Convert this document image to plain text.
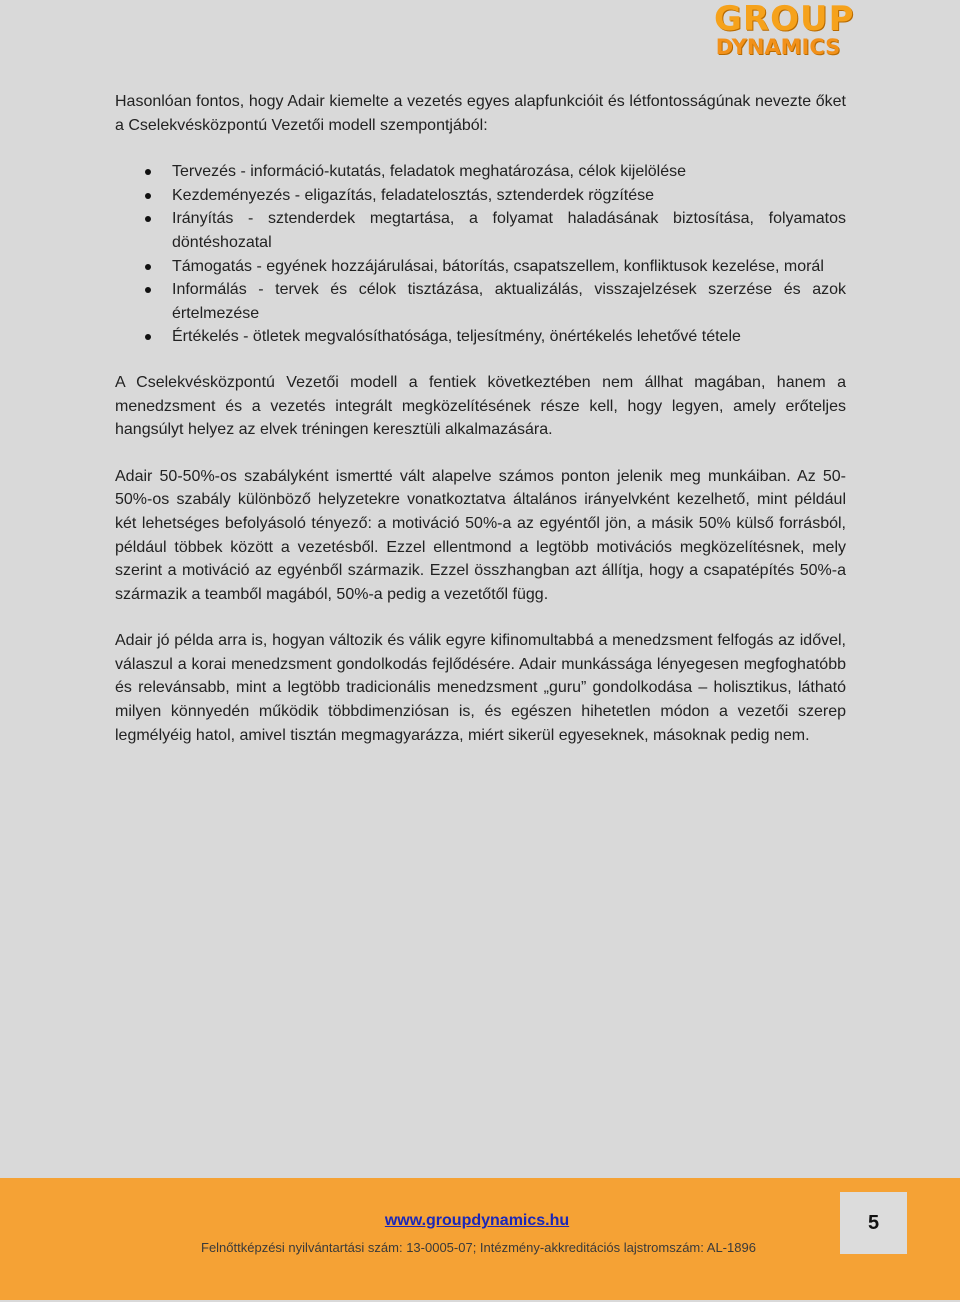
GROUP
DYNAMICS

Hasonlóan fontos, hogy Adair kiemelte a vezetés egyes alapfunkcióit és létfontosságúnak nevezte őket a Cselekvésközpontú Vezetői modell szempontjából:

Tervezés - információ-kutatás, feladatok meghatározása, célok kijelölése
Kezdeményezés - eligazítás, feladatelosztás, sztenderdek rögzítése
Irányítás - sztenderdek megtartása, a folyamat haladásának biztosítása, folyamatos döntéshozatal
Támogatás - egyének hozzájárulásai, bátorítás, csapatszellem, konfliktusok kezelése, morál
Informálás - tervek és célok tisztázása, aktualizálás, visszajelzések szerzése és azok értelmezése
Értékelés - ötletek megvalósíthatósága, teljesítmény, önértékelés lehetővé tétele

A Cselekvésközpontú Vezetői modell a fentiek következtében nem állhat magában, hanem a menedzsment és a vezetés integrált megközelítésének része kell, hogy legyen, amely erőteljes hangsúlyt helyez az elvek tréningen keresztüli alkalmazására.

Adair 50-50%-os szabályként ismertté vált alapelve számos ponton jelenik meg munkáiban. Az 50-50%-os szabály különböző helyzetekre vonatkoztatva általános irányelvként kezelhető, mint például két lehetséges befolyásoló tényező: a motiváció 50%-a az egyéntől jön, a másik 50% külső forrásból, például többek között a vezetésből. Ezzel ellentmond a legtöbb motivációs megközelítésnek, mely szerint a motiváció az egyénből származik. Ezzel összhangban azt állítja, hogy a csapatépítés 50%-a származik a teamből magából, 50%-a pedig a vezetőtől függ.

Adair jó példa arra is, hogyan változik és válik egyre kifinomultabbá a menedzsment felfogás az idővel, válaszul a korai menedzsment gondolkodás fejlődésére. Adair munkássága lényegesen megfoghatóbb és relevánsabb, mint a legtöbb tradicionális menedzsment „guru” gondolkodása – holisztikus, látható milyen könnyedén működik többdimenziósan is, és egészen hihetetlen módon a vezetői szerep legmélyéig hatol, amivel tisztán megmagyarázza, miért sikerül egyeseknek, másoknak pedig nem.

www.groupdynamics.hu
Felnőttképzési nyilvántartási szám: 13-0005-07; Intézmény-akkreditációs lajstromszám: AL-1896
5
